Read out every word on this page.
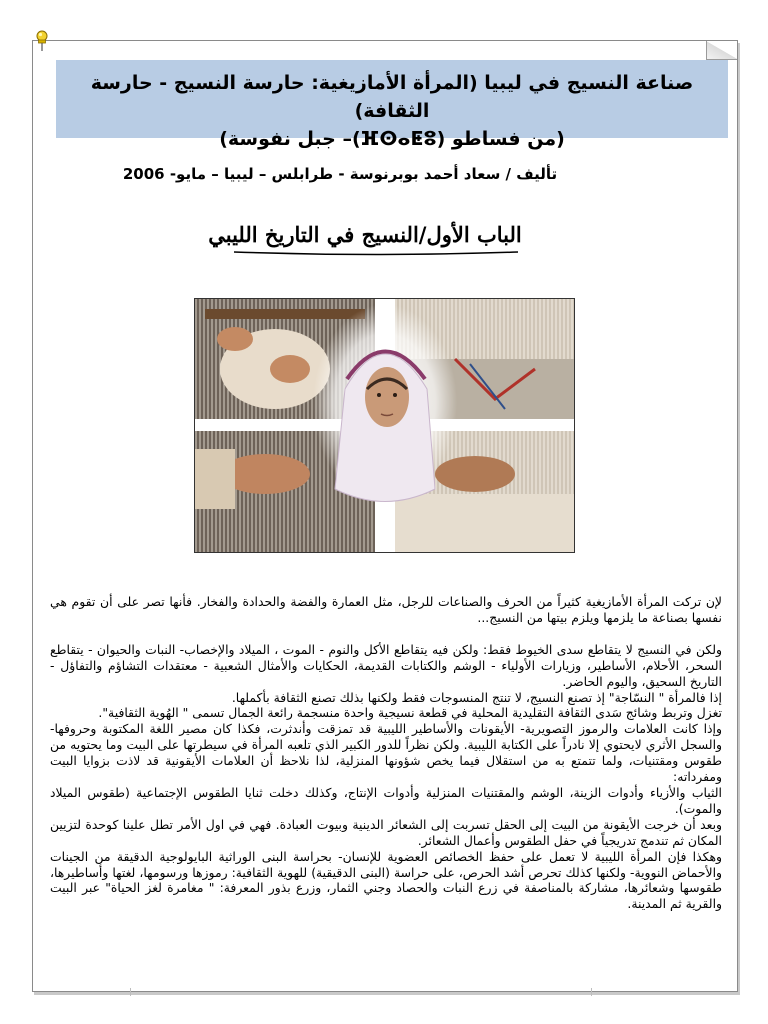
صناعة النسيج في ليبيا (المرأة الأمازيغية: حارسة النسيج - حارسة الثقافة)
(من فساطو (ⴼⵙⴰⵟⵓ)– جبل نفوسة)
تأليف / سعاد أحمد بوبرنوسة - طرابلس – ليبيا – مايو- 2006
الباب الأول/النسيج في التاريخ الليبي

لإن تركت المرأة الأمازيغية كثيراً من الحرف والصناعات للرجل، مثل العمارة والفضة والحدادة والفخار. فأنها تصر على أن تقوم هي نفسها بصناعة ما يلزمها ويلزم بيتها من النسيج...

ولكن في النسيج لا يتقاطع سدى الخيوط فقط: ولكن فيه يتقاطع الأكل والنوم - الموت ، الميلاد والإخصاب- النبات والحيوان - يتقاطع السحر، الأحلام، الأساطير، وزيارات الأولياء - الوشم والكتابات القديمة، الحكايات والأمثال الشعبية - معتقدات التشاؤم والتفاؤل - التاريخ السحيق، واليوم الحاضر.

إذا فالمرأة " النسّاجة" إذ تصنع النسيج، لا تنتج المنسوجات فقط ولكنها بذلك تصنع الثقافة بأكملها.

تغزل وتربط وشائج سَدى الثقافة التقليدية المحلية في قطعة نسيجية واحدة منسجمة رائعة الجمال تسمى " الهُوية الثقافية".

وإذا كانت العلامات والرموز التصويرية- الأيقونات والأساطير الليبية قد تمزقت وأندثرت، فكذا كان مصير اللغة المكتوبة وحروفها- والسجل الأثري لايحتوي إلا نادراً على الكتابة الليبية. ولكن نظراً للدور الكبير الذي تلعبه المرأة في سيطرتها على البيت وما يحتويه من طقوس ومقتنيات، ولما تتمتع به من استقلال فيما يخص شؤونها المنزلية، لذا نلاحظ أن العلامات الأيقونية قد لاذت بزوايا البيت ومفرداته:

الثياب والأزياء وأدوات الزينة، الوشم والمقتنيات المنزلية وأدوات الإنتاج، وكذلك دخلت ثنايا الطقوس الإجتماعية (طقوس الميلاد والموت).

وبعد أن خرجت الأيقونة من البيت إلى الحقل تسربت إلى الشعائر الدينية وبيوت العبادة. فهي في اول الأمر تطل علينا كوحدة لتزيين المكان ثم تندمج تدريجياً في حفل الطقوس وأعمال الشعائر.

وهكذا فإن المرأة الليبية لا تعمل على حفظ الخصائص العضوية للإنسان- بحراسة البنى الوراثية البايولوجية الدقيقة من الجينات والأحماض النووية- ولكنها كذلك تحرص أشد الحرص، على حراسة (البنى الدقيقية) للهوية الثقافية: رموزها ورسومها، لغتها وأساطيرها، طقوسها وشعائرها، مشاركة بالمناصفة في زرع النبات والحصاد وجني الثمار، وزرع بذور المعرفة: " مغامرة لغز الحياة" عبر البيت والقرية ثم المدينة.
